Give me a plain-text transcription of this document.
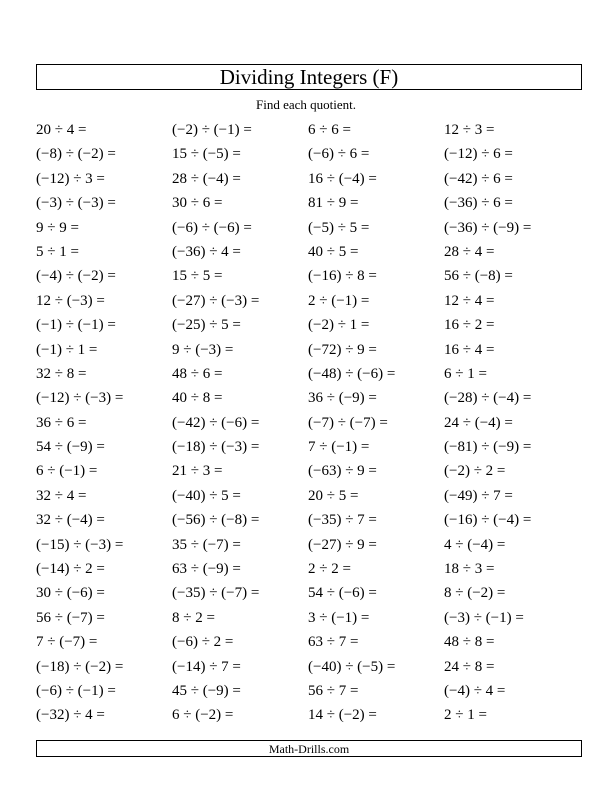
Dividing Integers (F)
Find each quotient.
20 ÷ 4 =	(−2) ÷ (−1) =	6 ÷ 6 =	12 ÷ 3 =
(−8) ÷ (−2) =	15 ÷ (−5) =	(−6) ÷ 6 =	(−12) ÷ 6 =
(−12) ÷ 3 =	28 ÷ (−4) =	16 ÷ (−4) =	(−42) ÷ 6 =
(−3) ÷ (−3) =	30 ÷ 6 =	81 ÷ 9 =	(−36) ÷ 6 =
9 ÷ 9 =	(−6) ÷ (−6) =	(−5) ÷ 5 =	(−36) ÷ (−9) =
5 ÷ 1 =	(−36) ÷ 4 =	40 ÷ 5 =	28 ÷ 4 =
(−4) ÷ (−2) =	15 ÷ 5 =	(−16) ÷ 8 =	56 ÷ (−8) =
12 ÷ (−3) =	(−27) ÷ (−3) =	2 ÷ (−1) =	12 ÷ 4 =
(−1) ÷ (−1) =	(−25) ÷ 5 =	(−2) ÷ 1 =	16 ÷ 2 =
(−1) ÷ 1 =	9 ÷ (−3) =	(−72) ÷ 9 =	16 ÷ 4 =
32 ÷ 8 =	48 ÷ 6 =	(−48) ÷ (−6) =	6 ÷ 1 =
(−12) ÷ (−3) =	40 ÷ 8 =	36 ÷ (−9) =	(−28) ÷ (−4) =
36 ÷ 6 =	(−42) ÷ (−6) =	(−7) ÷ (−7) =	24 ÷ (−4) =
54 ÷ (−9) =	(−18) ÷ (−3) =	7 ÷ (−1) =	(−81) ÷ (−9) =
6 ÷ (−1) =	21 ÷ 3 =	(−63) ÷ 9 =	(−2) ÷ 2 =
32 ÷ 4 =	(−40) ÷ 5 =	20 ÷ 5 =	(−49) ÷ 7 =
32 ÷ (−4) =	(−56) ÷ (−8) =	(−35) ÷ 7 =	(−16) ÷ (−4) =
(−15) ÷ (−3) =	35 ÷ (−7) =	(−27) ÷ 9 =	4 ÷ (−4) =
(−14) ÷ 2 =	63 ÷ (−9) =	2 ÷ 2 =	18 ÷ 3 =
30 ÷ (−6) =	(−35) ÷ (−7) =	54 ÷ (−6) =	8 ÷ (−2) =
56 ÷ (−7) =	8 ÷ 2 =	3 ÷ (−1) =	(−3) ÷ (−1) =
7 ÷ (−7) =	(−6) ÷ 2 =	63 ÷ 7 =	48 ÷ 8 =
(−18) ÷ (−2) =	(−14) ÷ 7 =	(−40) ÷ (−5) =	24 ÷ 8 =
(−6) ÷ (−1) =	45 ÷ (−9) =	56 ÷ 7 =	(−4) ÷ 4 =
(−32) ÷ 4 =	6 ÷ (−2) =	14 ÷ (−2) =	2 ÷ 1 =
Math-Drills.com
